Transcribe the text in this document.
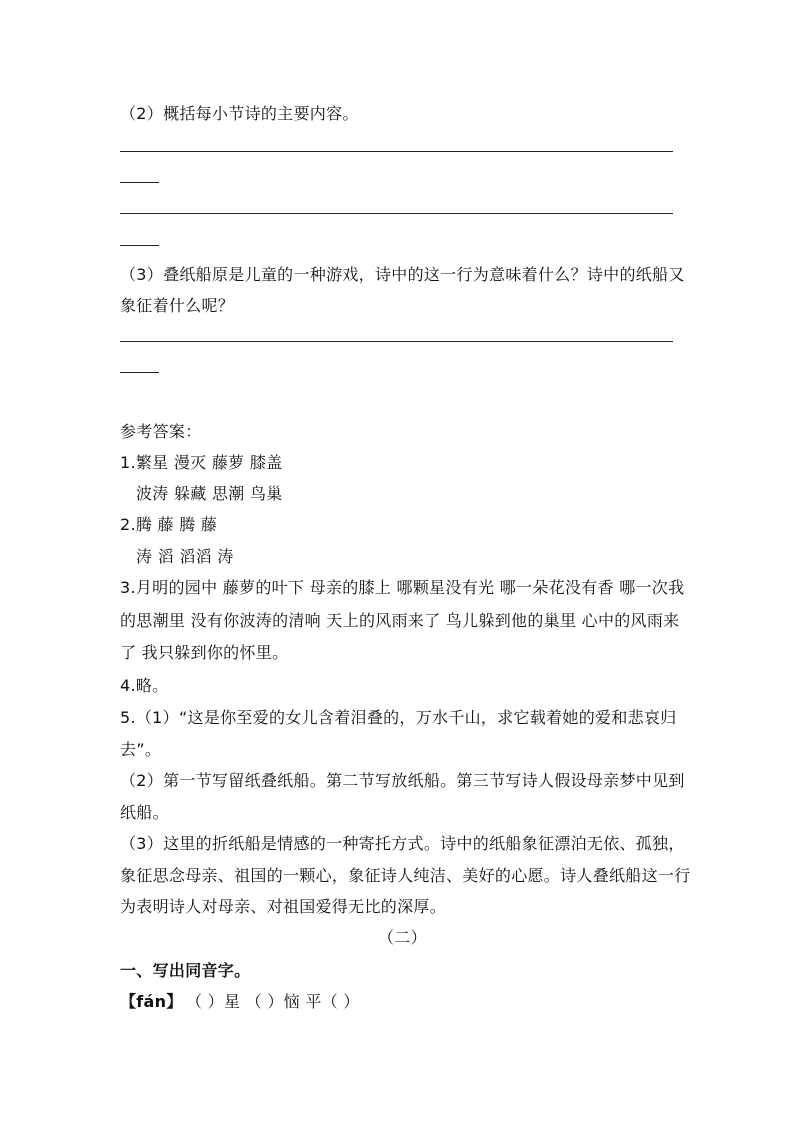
（2）概括每小节诗的主要内容。
（3）叠纸船原是儿童的一种游戏，诗中的这一行为意味着什么？诗中的纸船又
象征着什么呢？
参考答案：
1.繁星 漫灭 藤萝 膝盖
波涛 躲藏 思潮 鸟巢
2.腾 藤 腾 藤
涛 滔 滔滔 涛
3.月明的园中 藤萝的叶下 母亲的膝上 哪颗星没有光 哪一朵花没有香 哪一次我
的思潮里 没有你波涛的清响 天上的风雨来了 鸟儿躲到他的巢里 心中的风雨来
了 我只躲到你的怀里。
4.略。
5.（1）“这是你至爱的女儿含着泪叠的，万水千山，求它载着她的爱和悲哀归
去”。
（2）第一节写留纸叠纸船。第二节写放纸船。第三节写诗人假设母亲梦中见到
纸船。
（3）这里的折纸船是情感的一种寄托方式。诗中的纸船象征漂泊无依、孤独，
象征思念母亲、祖国的一颗心，象征诗人纯洁、美好的心愿。诗人叠纸船这一行
为表明诗人对母亲、对祖国爱得无比的深厚。
（二）
一、写出同音字。
【fán】 （ ）星 （ ）恼 平（ ）
